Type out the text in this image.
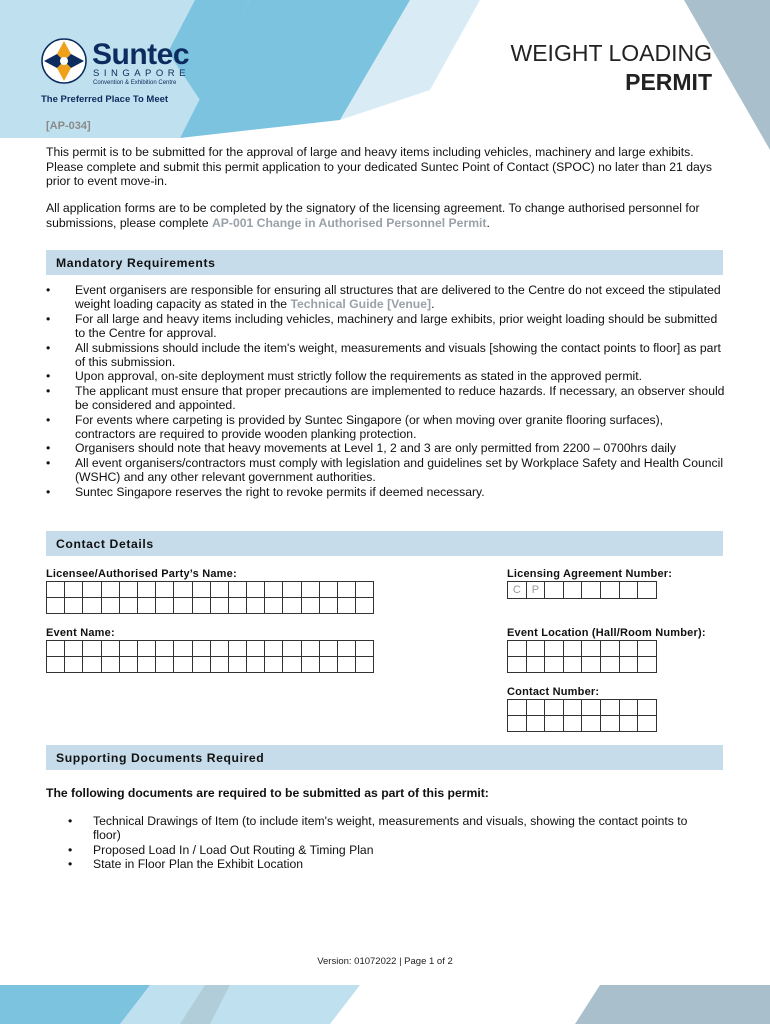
Suntec
SINGAPORE
Convention & Exhibition Centre
The Preferred Place To Meet
WEIGHT LOADING
PERMIT
[AP-034]

This permit is to be submitted for the approval of large and heavy items including vehicles, machinery and large exhibits. Please complete and submit this permit application to your dedicated Suntec Point of Contact (SPOC) no later than 21 days prior to event move-in.

All application forms are to be completed by the signatory of the licensing agreement. To change authorised personnel for submissions, please complete AP-001 Change in Authorised Personnel Permit.

Mandatory Requirements
• Event organisers are responsible for ensuring all structures that are delivered to the Centre do not exceed the stipulated weight loading capacity as stated in the Technical Guide [Venue].
• For all large and heavy items including vehicles, machinery and large exhibits, prior weight loading should be submitted to the Centre for approval.
• All submissions should include the item's weight, measurements and visuals [showing the contact points to floor] as part of this submission.
• Upon approval, on-site deployment must strictly follow the requirements as stated in the approved permit.
• The applicant must ensure that proper precautions are implemented to reduce hazards. If necessary, an observer should be considered and appointed.
• For events where carpeting is provided by Suntec Singapore (or when moving over granite flooring surfaces), contractors are required to provide wooden planking protection.
• Organisers should note that heavy movements at Level 1, 2 and 3 are only permitted from 2200 – 0700hrs daily
• All event organisers/contractors must comply with legislation and guidelines set by Workplace Safety and Health Council (WSHC) and any other relevant government authorities.
• Suntec Singapore reserves the right to revoke permits if deemed necessary.
Contact Details
Licensee/Authorised Party’s Name:	Licensing Agreement Number:
C P
Event Name:	Event Location (Hall/Room Number):
Contact Number:
Supporting Documents Required
The following documents are required to be submitted as part of this permit:
• Technical Drawings of Item (to include item's weight, measurements and visuals, showing the contact points to floor)
• Proposed Load In / Load Out Routing & Timing Plan
• State in Floor Plan the Exhibit Location
Version: 01072022 | Page 1 of 2
